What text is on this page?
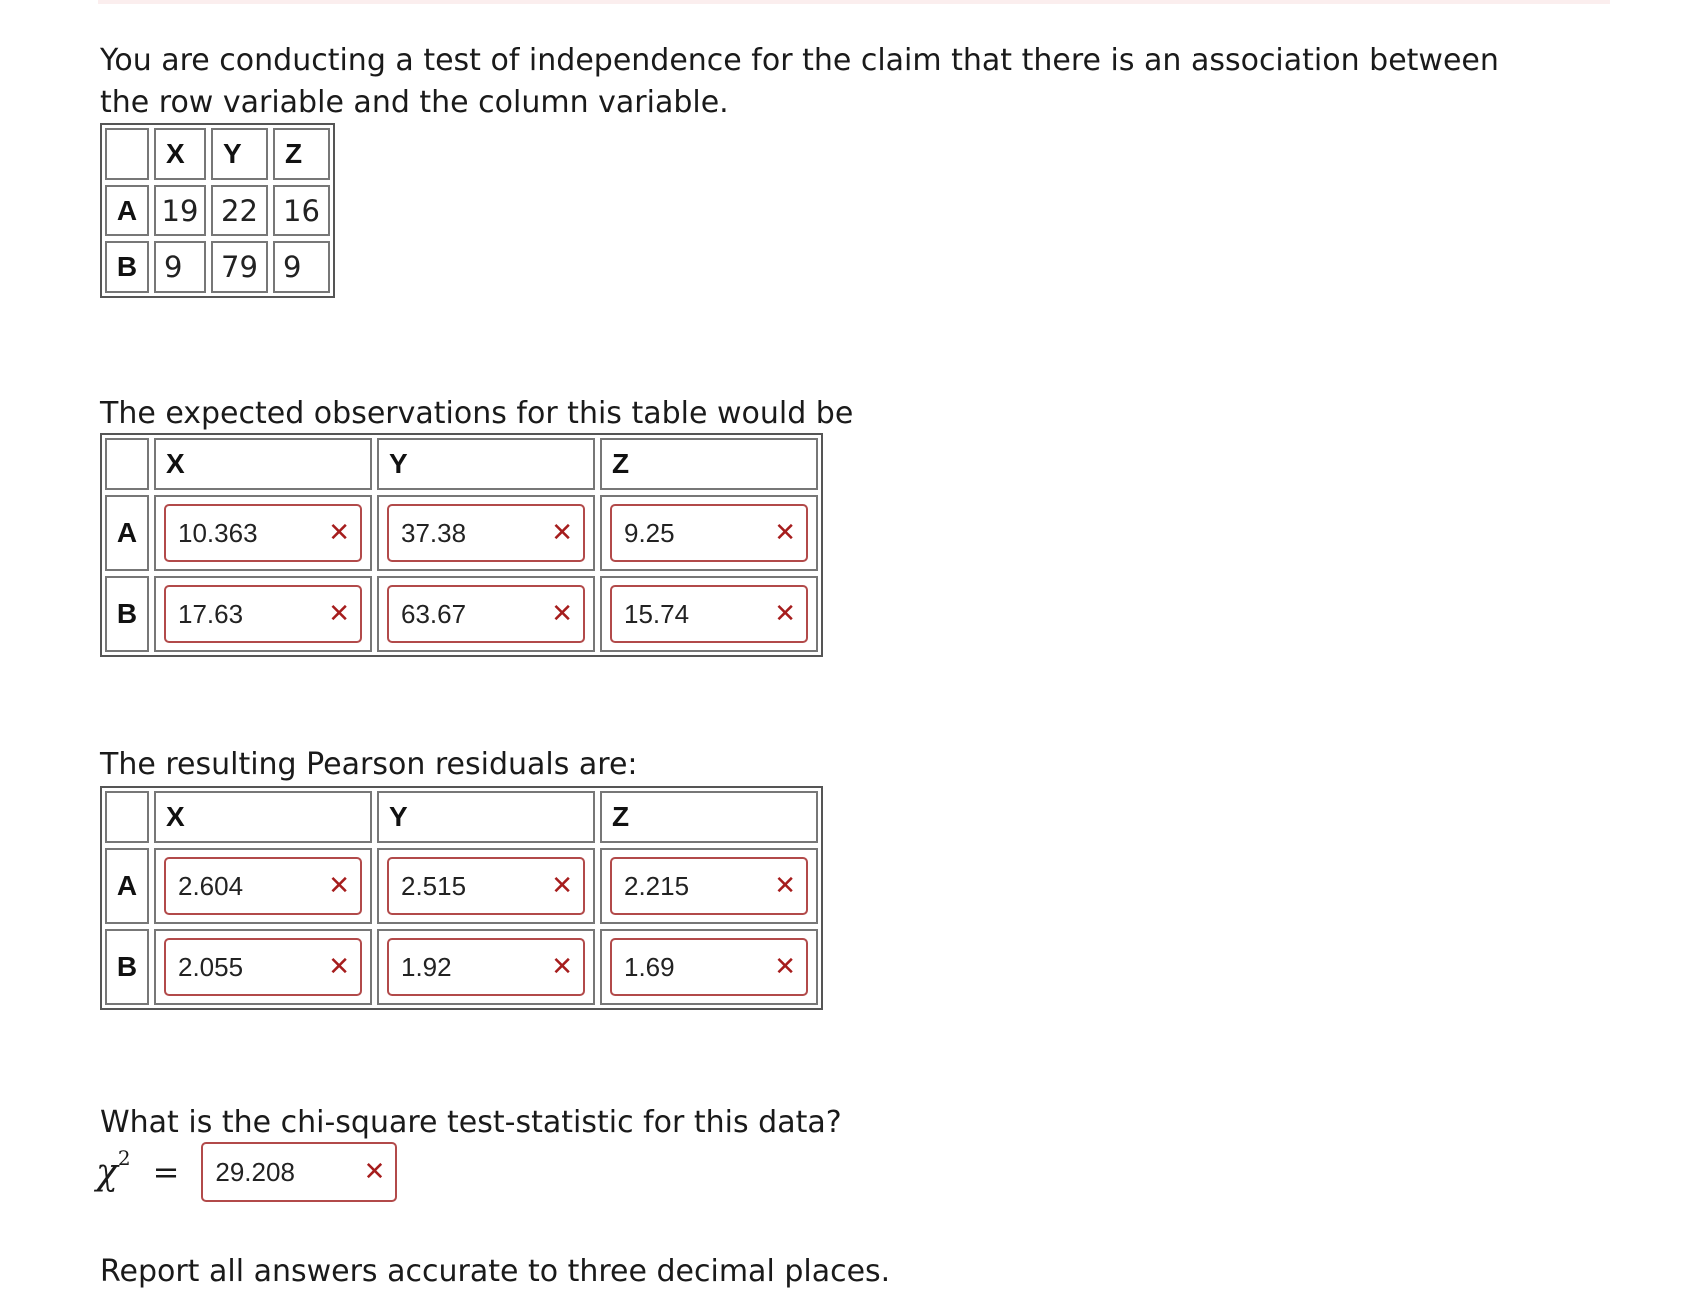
You are conducting a test of independence for the claim that there is an association between the row variable and the column variable.

X	Y	Z
A 19 22 16
B 9	79 9

The expected observations for this table would be

X	Y	Z
A	10.363	✕ 37.38	✕ 9.25	✕
B	17.63	✕ 63.67	✕ 15.74	✕

The resulting Pearson residuals are:

X	Y	Z
A	2.604	✕ 2.515	✕ 2.215	✕
B	2.055	✕ 1.92	✕ 1.69	✕

What is the chi-square test-statistic for this data?

$\chi^2 = 29.208$	✕

Report all answers accurate to three decimal places.
